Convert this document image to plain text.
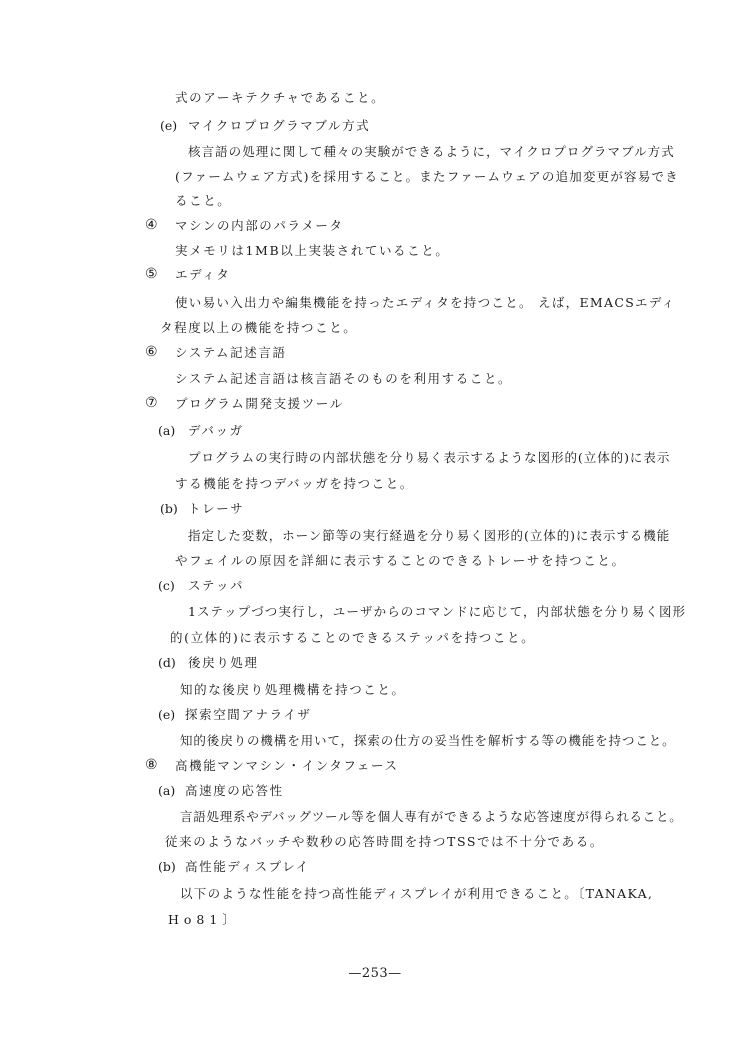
式のアーキテクチャであること。
(e) マイクロプログラマブル方式
核言語の処理に関して種々の実験ができるように，マイクロプログラマブル方式
(ファームウェア方式)を採用すること。またファームウェアの追加変更が容易でき
ること。
④ マシンの内部のパラメータ
実メモリは1MB以上実装されていること。
⑤ エディタ
使い易い入出力や編集機能を持ったエディタを持つこと。 えば，EMACSエディ
タ程度以上の機能を持つこと。
⑥ システム記述言語
システム記述言語は核言語そのものを利用すること。
⑦ プログラム開発支援ツール
(a) デバッガ
プログラムの実行時の内部状態を分り易く表示するような図形的(立体的)に表示
する機能を持つデバッガを持つこと。
(b) トレーサ
指定した変数，ホーン節等の実行経過を分り易く図形的(立体的)に表示する機能
やフェイルの原因を詳細に表示することのできるトレーサを持つこと。
(c) ステッパ
1ステップづつ実行し，ユーザからのコマンドに応じて，内部状態を分り易く図形
的(立体的)に表示することのできるステッパを持つこと。
(d) 後戻り処理
知的な後戻り処理機構を持つこと。
(e) 探索空間アナライザ
知的後戻りの機構を用いて，探索の仕方の妥当性を解析する等の機能を持つこと。
⑧ 高機能マンマシン・インタフェース
(a) 高速度の応答性
言語処理系やデバッグツール等を個人専有ができるような応答速度が得られること。
従来のようなバッチや数秒の応答時間を持つTSSでは不十分である。
(b) 高性能ディスプレイ
以下のような性能を持つ高性能ディスプレイが利用できること。〔TANAKA,
Ho81〕
—253—
